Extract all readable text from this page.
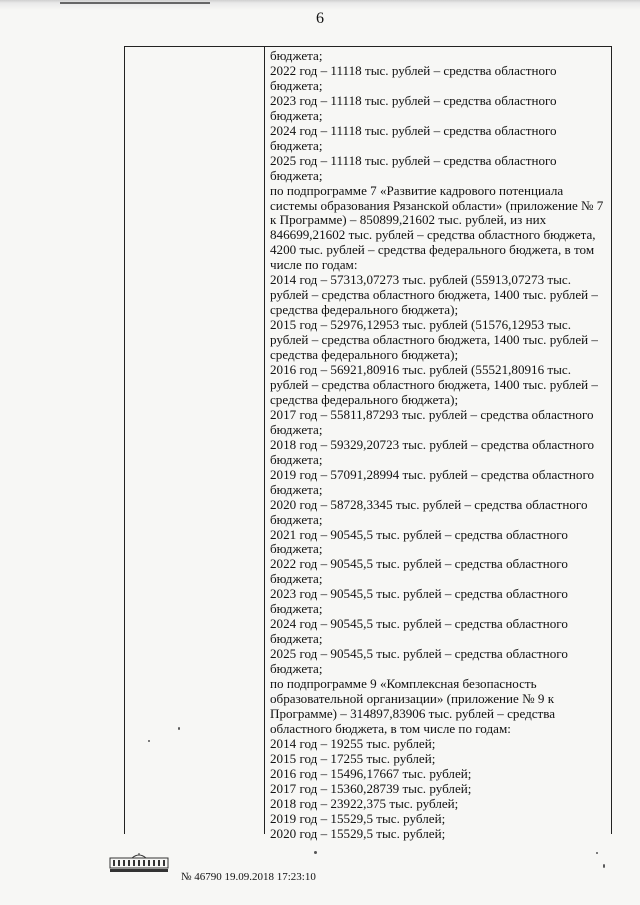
6
бюджета;
2022 год – 11118 тыс. рублей – средства областного
бюджета;
2023 год – 11118 тыс. рублей – средства областного
бюджета;
2024 год – 11118 тыс. рублей – средства областного
бюджета;
2025 год – 11118 тыс. рублей – средства областного
бюджета;
по подпрограмме 7 «Развитие кадрового потенциала
системы образования Рязанской области» (приложение № 7
к Программе) – 850899,21602 тыс. рублей, из них
846699,21602 тыс. рублей – средства областного бюджета,
4200 тыс. рублей – средства федерального бюджета, в том
числе по годам:
2014 год – 57313,07273 тыс. рублей (55913,07273 тыс.
рублей – средства областного бюджета, 1400 тыс. рублей –
средства федерального бюджета);
2015 год – 52976,12953 тыс. рублей (51576,12953 тыс.
рублей – средства областного бюджета, 1400 тыс. рублей –
средства федерального бюджета);
2016 год – 56921,80916 тыс. рублей (55521,80916 тыс.
рублей – средства областного бюджета, 1400 тыс. рублей –
средства федерального бюджета);
2017 год – 55811,87293 тыс. рублей – средства областного
бюджета;
2018 год – 59329,20723 тыс. рублей – средства областного
бюджета;
2019 год – 57091,28994 тыс. рублей – средства областного
бюджета;
2020 год – 58728,3345 тыс. рублей – средства областного
бюджета;
2021 год – 90545,5 тыс. рублей – средства областного
бюджета;
2022 год – 90545,5 тыс. рублей – средства областного
бюджета;
2023 год – 90545,5 тыс. рублей – средства областного
бюджета;
2024 год – 90545,5 тыс. рублей – средства областного
бюджета;
2025 год – 90545,5 тыс. рублей – средства областного
бюджета;
по подпрограмме 9 «Комплексная безопасность
образовательной организации» (приложение № 9 к
Программе) – 314897,83906 тыс. рублей – средства
областного бюджета, в том числе по годам:
2014 год – 19255 тыс. рублей;
2015 год – 17255 тыс. рублей;
2016 год – 15496,17667 тыс. рублей;
2017 год – 15360,28739 тыс. рублей;
2018 год – 23922,375 тыс. рублей;
2019 год – 15529,5 тыс. рублей;
2020 год – 15529,5 тыс. рублей;
№ 46790 19.09.2018 17:23:10
